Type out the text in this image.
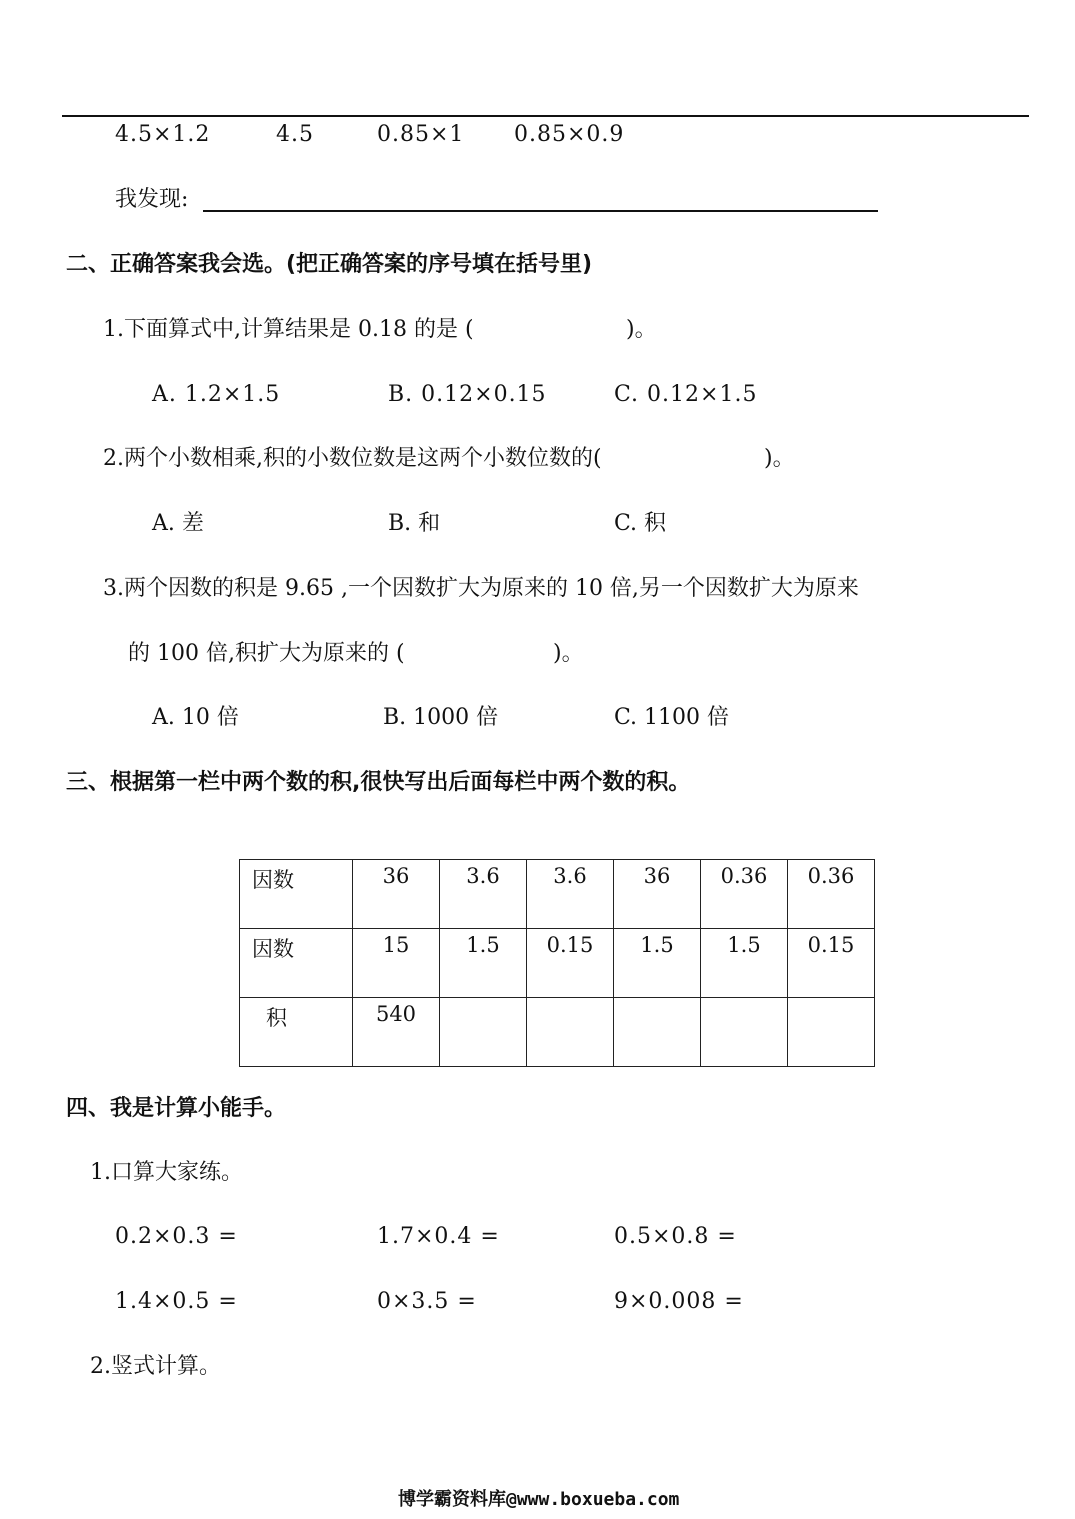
4.5×1.2	4.5	0.85×1 0.85×0.9
我发现:
二、正确答案我会选。(把正确答案的序号填在括号里)
1.下面算式中,计算结果是 0.18 的是 (	)。
A. 1.2×1.5	B. 0.12×0.15	C. 0.12×1.5
2.两个小数相乘,积的小数位数是这两个小数位数的(	)。
A. 差	B. 和	C. 积
3.两个因数的积是 9.65 ,一个因数扩大为原来的 10 倍,另一个因数扩大为原来
的 100 倍,积扩大为原来的 (	)。
A. 10 倍	B. 1000 倍	C. 1100 倍
三、根据第一栏中两个数的积,很快写出后面每栏中两个数的积。
因数	36	3.6	3.6	36	0.36	0.36
因数	15	1.5	0.15	1.5	1.5	0.15
积	540					
四、我是计算小能手。
1.口算大家练。
0.2×0.3 =	1.7×0.4 =	0.5×0.8 =
1.4×0.5 =	0×3.5 =	9×0.008 =
2.竖式计算。
博学霸资料库@www.boxueba.com
